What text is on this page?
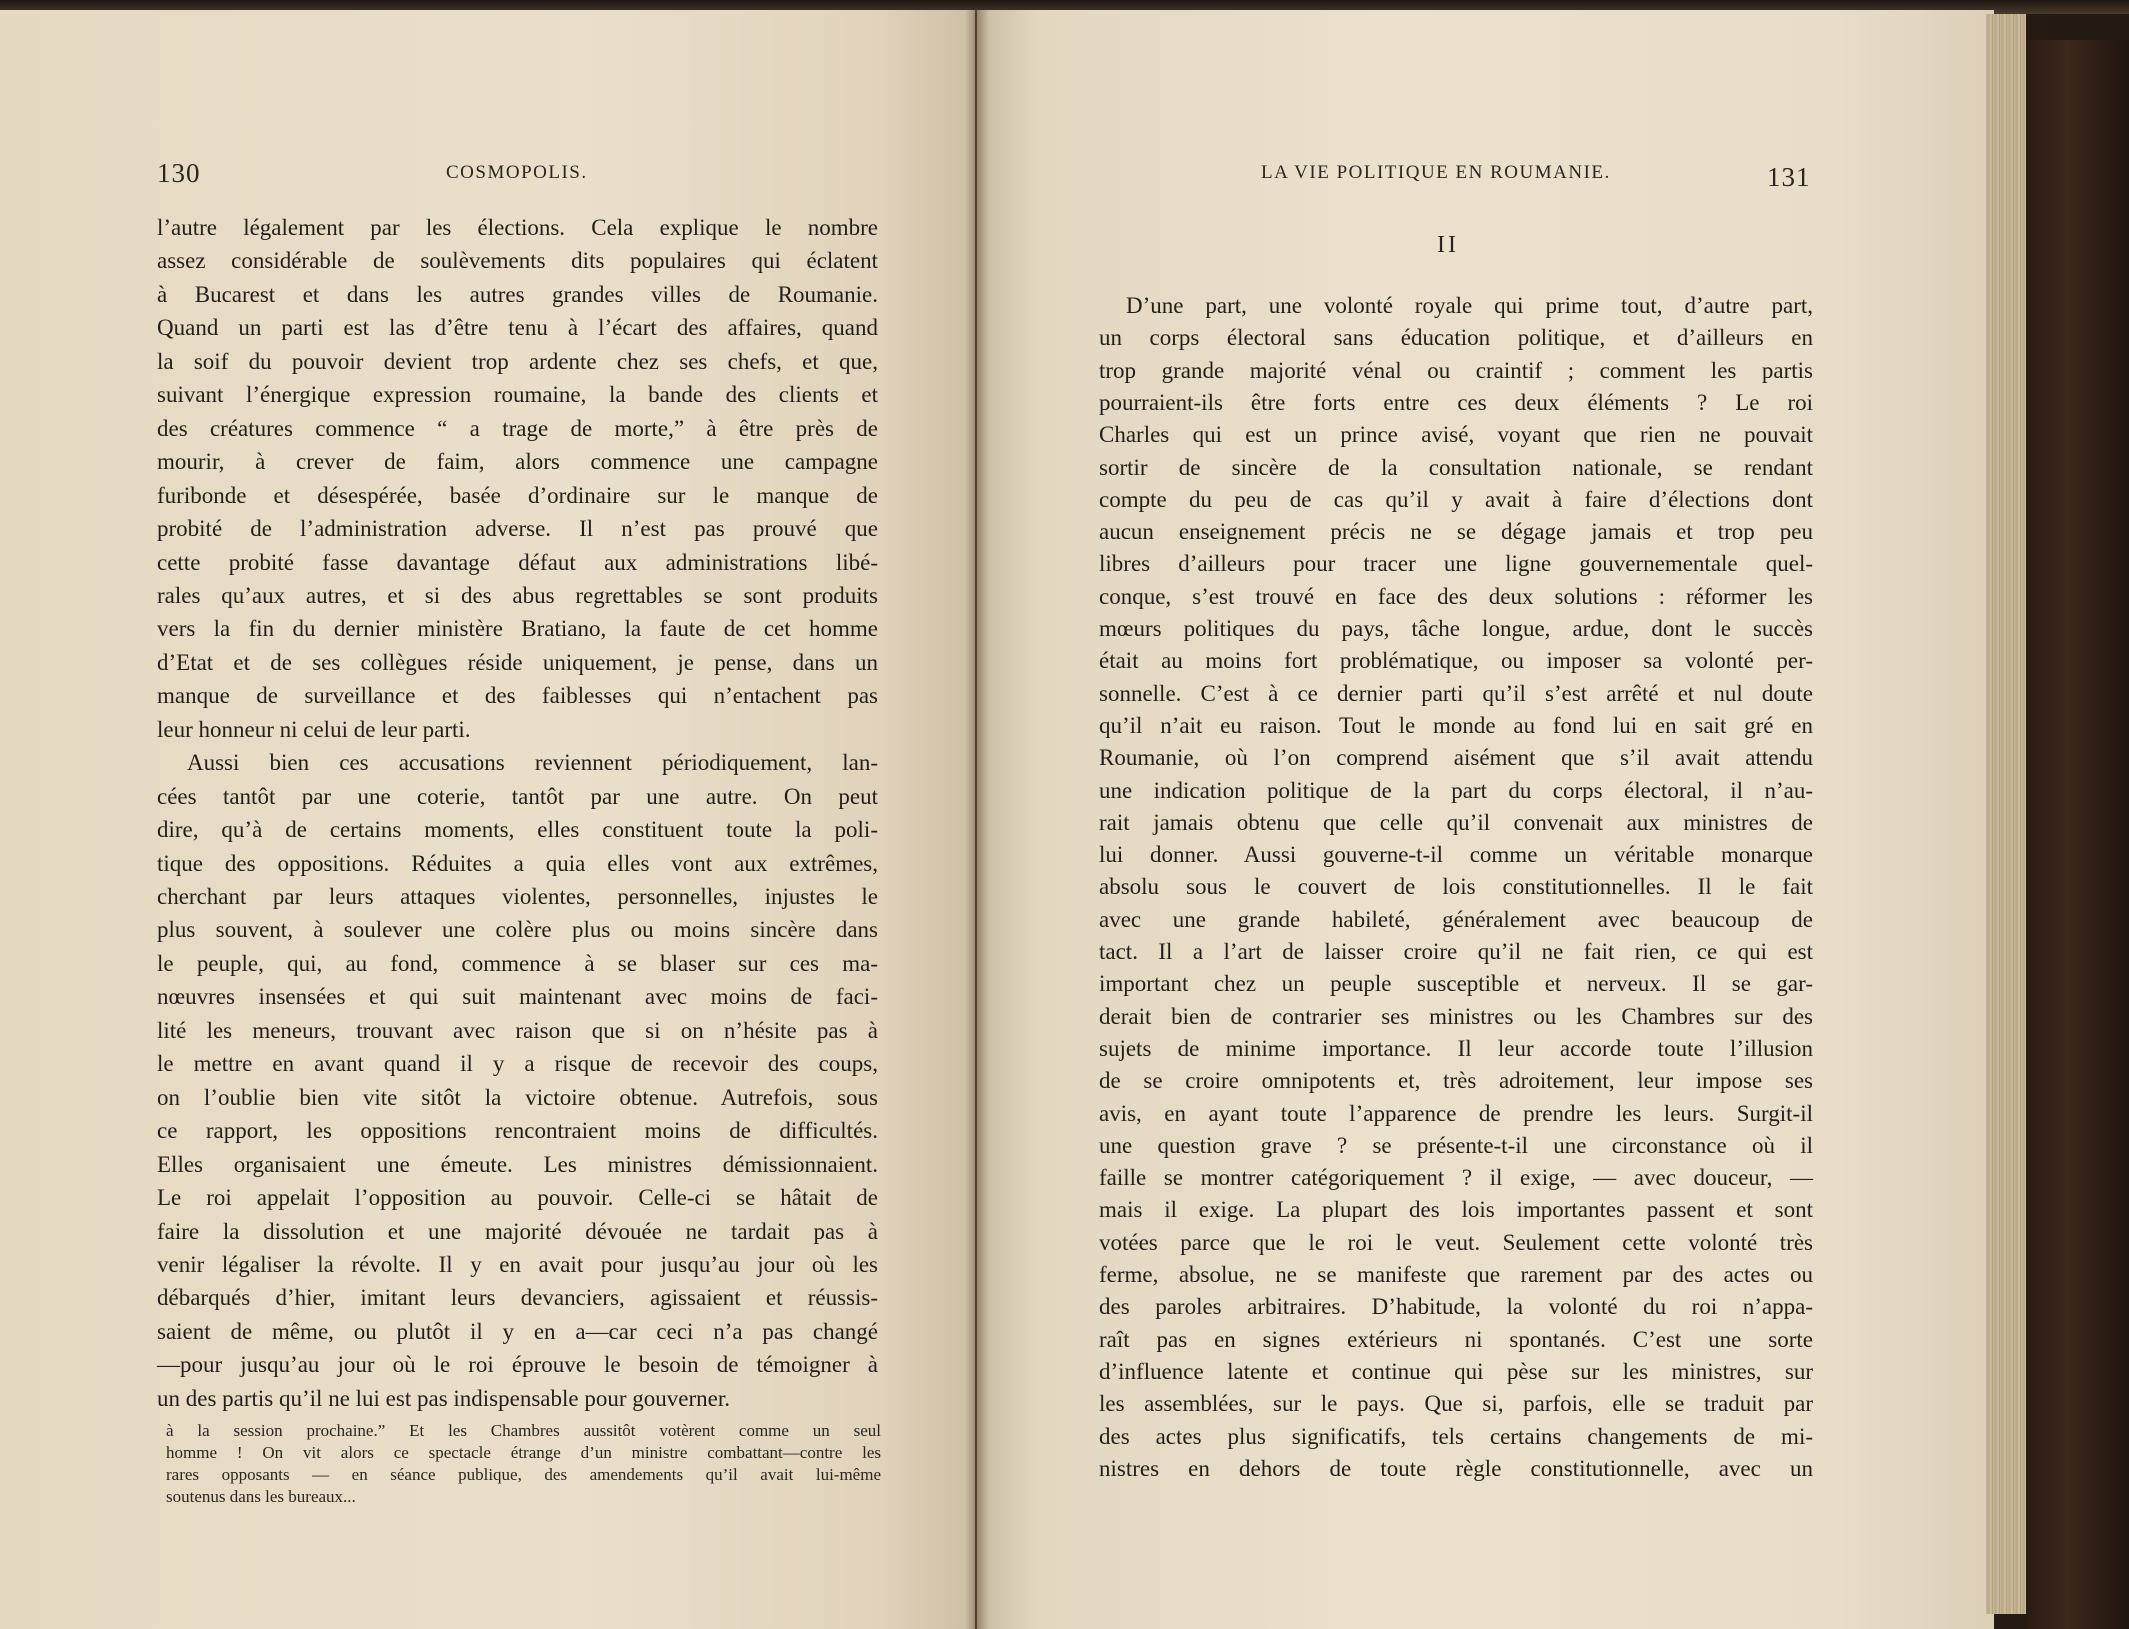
130	COSMOPOLIS.	LA VIE POLITIQUE EN ROUMANIE.	131
II
l’autre légalement par les élections. Cela explique le nombre
assez considérable de soulèvements dits populaires qui éclatent
à Bucarest et dans les autres grandes villes de Roumanie.
Quand un parti est las d’être tenu à l’écart des affaires, quand
la soif du pouvoir devient trop ardente chez ses chefs, et que,
suivant l’énergique expression roumaine, la bande des clients et
des créatures commence “ a trage de morte,” à être près de
mourir, à crever de faim, alors commence une campagne
furibonde et désespérée, basée d’ordinaire sur le manque de
probité de l’administration adverse. Il n’est pas prouvé que
cette probité fasse davantage défaut aux administrations libé-
rales qu’aux autres, et si des abus regrettables se sont produits
vers la fin du dernier ministère Bratiano, la faute de cet homme
d’Etat et de ses collègues réside uniquement, je pense, dans un
manque de surveillance et des faiblesses qui n’entachent pas
leur honneur ni celui de leur parti.
Aussi bien ces accusations reviennent périodiquement, lan-
cées tantôt par une coterie, tantôt par une autre. On peut
dire, qu’à de certains moments, elles constituent toute la poli-
tique des oppositions. Réduites a quia elles vont aux extrêmes,
cherchant par leurs attaques violentes, personnelles, injustes le
plus souvent, à soulever une colère plus ou moins sincère dans
le peuple, qui, au fond, commence à se blaser sur ces ma-
nœuvres insensées et qui suit maintenant avec moins de faci-
lité les meneurs, trouvant avec raison que si on n’hésite pas à
le mettre en avant quand il y a risque de recevoir des coups,
on l’oublie bien vite sitôt la victoire obtenue. Autrefois, sous
ce rapport, les oppositions rencontraient moins de difficultés.
Elles organisaient une émeute. Les ministres démissionnaient.
Le roi appelait l’opposition au pouvoir. Celle-ci se hâtait de
faire la dissolution et une majorité dévouée ne tardait pas à
venir légaliser la révolte. Il y en avait pour jusqu’au jour où les
débarqués d’hier, imitant leurs devanciers, agissaient et réussis-
saient de même, ou plutôt il y en a—car ceci n’a pas changé
—pour jusqu’au jour où le roi éprouve le besoin de témoigner à
un des partis qu’il ne lui est pas indispensable pour gouverner.
à la session prochaine.” Et les Chambres aussitôt votèrent comme un seul
homme ! On vit alors ce spectacle étrange d’un ministre combattant—contre les
rares opposants — en séance publique, des amendements qu’il avait lui-même
soutenus dans les bureaux...
D’une part, une volonté royale qui prime tout, d’autre part,
un corps électoral sans éducation politique, et d’ailleurs en
trop grande majorité vénal ou craintif ; comment les partis
pourraient-ils être forts entre ces deux éléments ? Le roi
Charles qui est un prince avisé, voyant que rien ne pouvait
sortir de sincère de la consultation nationale, se rendant
compte du peu de cas qu’il y avait à faire d’élections dont
aucun enseignement précis ne se dégage jamais et trop peu
libres d’ailleurs pour tracer une ligne gouvernementale quel-
conque, s’est trouvé en face des deux solutions : réformer les
mœurs politiques du pays, tâche longue, ardue, dont le succès
était au moins fort problématique, ou imposer sa volonté per-
sonnelle. C’est à ce dernier parti qu’il s’est arrêté et nul doute
qu’il n’ait eu raison. Tout le monde au fond lui en sait gré en
Roumanie, où l’on comprend aisément que s’il avait attendu
une indication politique de la part du corps électoral, il n’au-
rait jamais obtenu que celle qu’il convenait aux ministres de
lui donner. Aussi gouverne-t-il comme un véritable monarque
absolu sous le couvert de lois constitutionnelles. Il le fait
avec une grande habileté, généralement avec beaucoup de
tact. Il a l’art de laisser croire qu’il ne fait rien, ce qui est
important chez un peuple susceptible et nerveux. Il se gar-
derait bien de contrarier ses ministres ou les Chambres sur des
sujets de minime importance. Il leur accorde toute l’illusion
de se croire omnipotents et, très adroitement, leur impose ses
avis, en ayant toute l’apparence de prendre les leurs. Surgit-il
une question grave ? se présente-t-il une circonstance où il
faille se montrer catégoriquement ? il exige, — avec douceur, —
mais il exige. La plupart des lois importantes passent et sont
votées parce que le roi le veut. Seulement cette volonté très
ferme, absolue, ne se manifeste que rarement par des actes ou
des paroles arbitraires. D’habitude, la volonté du roi n’appa-
raît pas en signes extérieurs ni spontanés. C’est une sorte
d’influence latente et continue qui pèse sur les ministres, sur
les assemblées, sur le pays. Que si, parfois, elle se traduit par
des actes plus significatifs, tels certains changements de mi-
nistres en dehors de toute règle constitutionnelle, avec un
